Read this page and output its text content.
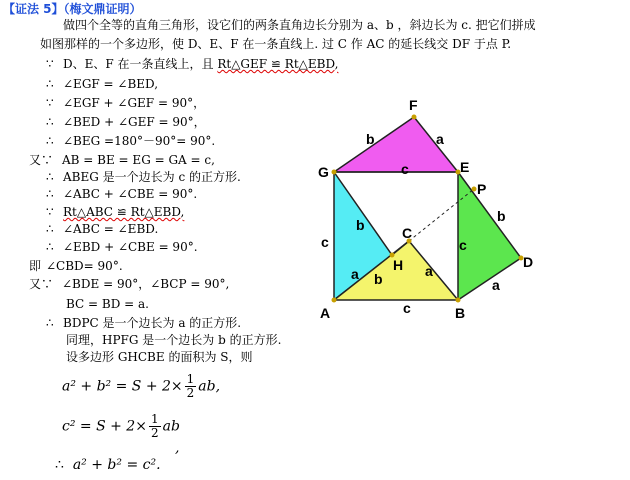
【证法 5】（梅文鼎证明）
做四个全等的直角三角形，设它们的两条直角边长分别为 a、b ，斜边长为 c. 把它们拼成
如图那样的一个多边形，使 D、E、F 在一条直线上. 过 C 作 AC 的延长线交 DF 于点 P.
∵ D、E、F 在一条直线上，且 Rt△GEF ≌ Rt△EBD,
∴ ∠EGF = ∠BED,
∵ ∠EGF + ∠GEF = 90°，
∴ ∠BED + ∠GEF = 90°，
∴ ∠BEG =180°－90°= 90°.
又∵ AB = BE = EG = GA = c,
∴ ABEG 是一个边长为 c 的正方形.
∴ ∠ABC + ∠CBE = 90°.
∵ Rt△ABC ≌ Rt△EBD,
∴ ∠ABC = ∠EBD.
∴ ∠EBD + ∠CBE = 90°.
即 ∠CBD= 90°.
又∵ ∠BDE = 90°，∠BCP = 90°,
BC = BD = a.
∴ BDPC 是一个边长为 a 的正方形.
同理，HPFG 是一个边长为 b 的正方形.
设多边形 GHCBE 的面积为 S，则
$a^2 + b^2 = S + 2\times \frac{1}{2}$ ab,
$c^2 = S + 2\times \frac{1}{2}$ ab
,
∴ a² + b² = c².
F
G	E
P
C
H	D
A	B
b	a
c
b
c
a b	a
c
b
c
a
